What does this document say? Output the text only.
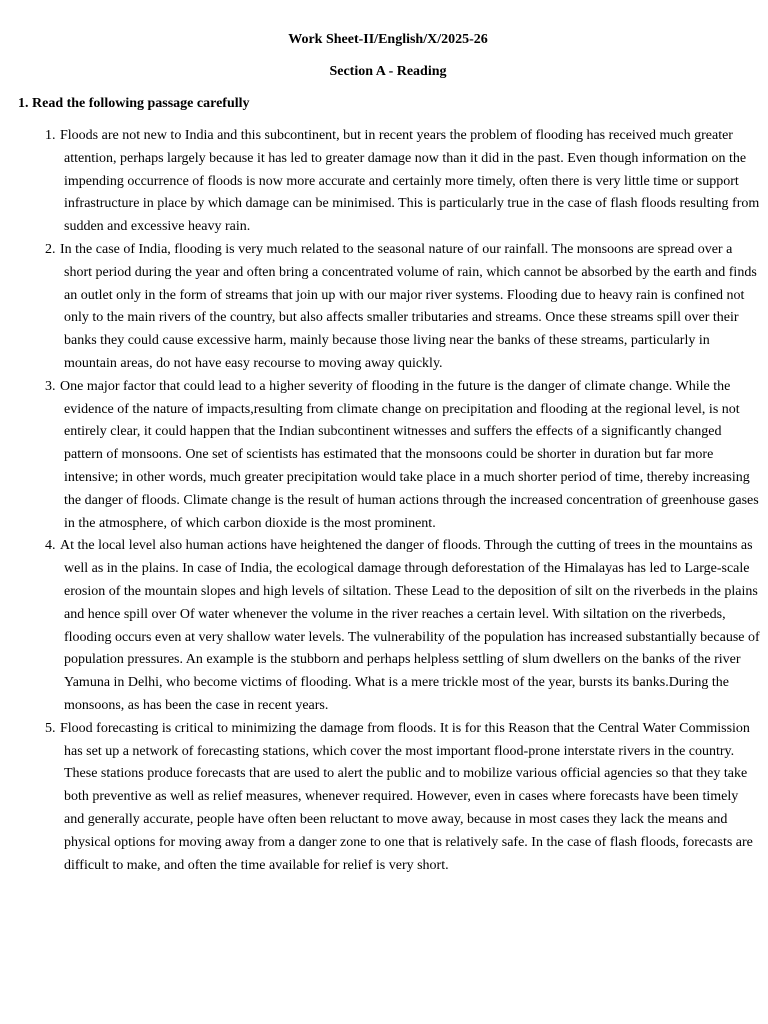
Work Sheet-II/English/X/2025-26
Section A - Reading
1. Read the following passage carefully

1. Floods are not new to India and this subcontinent, but in recent years the problem of flooding has received much greater attention, perhaps largely because it has led to greater damage now than it did in the past. Even though information on the impending occurrence of floods is now more accurate and certainly more timely, often there is very little time or support infrastructure in place by which damage can be minimised. This is particularly true in the case of flash floods resulting from sudden and excessive heavy rain.

2. In the case of India, flooding is very much related to the seasonal nature of our rainfall. The monsoons are spread over a short period during the year and often bring a concentrated volume of rain, which cannot be absorbed by the earth and finds an outlet only in the form of streams that join up with our major river systems. Flooding due to heavy rain is confined not only to the main rivers of the country, but also affects smaller tributaries and streams. Once these streams spill over their banks they could cause excessive harm, mainly because those living near the banks of these streams, particularly in mountain areas, do not have easy recourse to moving away quickly.

3. One major factor that could lead to a higher severity of flooding in the future is the danger of climate change. While the evidence of the nature of impacts,resulting from climate change on precipitation and flooding at the regional level, is not entirely clear, it could happen that the Indian subcontinent witnesses and suffers the effects of a significantly changed pattern of monsoons. One set of scientists has estimated that the monsoons could be shorter in duration but far more intensive; in other words, much greater precipitation would take place in a much shorter period of time, thereby increasing the danger of floods. Climate change is the result of human actions through the increased concentration of greenhouse gases in the atmosphere, of which carbon dioxide is the most prominent.

4. At the local level also human actions have heightened the danger of floods. Through the cutting of trees in the mountains as well as in the plains. In case of India, the ecological damage through deforestation of the Himalayas has led to Large-scale erosion of the mountain slopes and high levels of siltation. These Lead to the deposition of silt on the riverbeds in the plains and hence spill over Of water whenever the volume in the river reaches a certain level. With siltation on the riverbeds, flooding occurs even at very shallow water levels. The vulnerability of the population has increased substantially because of population pressures. An example is the stubborn and perhaps helpless settling of slum dwellers on the banks of the river Yamuna in Delhi, who become victims of flooding. What is a mere trickle most of the year, bursts its banks.During the monsoons, as has been the case in recent years.

5. Flood forecasting is critical to minimizing the damage from floods. It is for this Reason that the Central Water Commission has set up a network of forecasting stations, which cover the most important flood-prone interstate rivers in the country. These stations produce forecasts that are used to alert the public and to mobilize various official agencies so that they take both preventive as well as relief measures, whenever required. However, even in cases where forecasts have been timely and generally accurate, people have often been reluctant to move away, because in most cases they lack the means and physical options for moving away from a danger zone to one that is relatively safe. In the case of flash floods, forecasts are difficult to make, and often the time available for relief is very short.
